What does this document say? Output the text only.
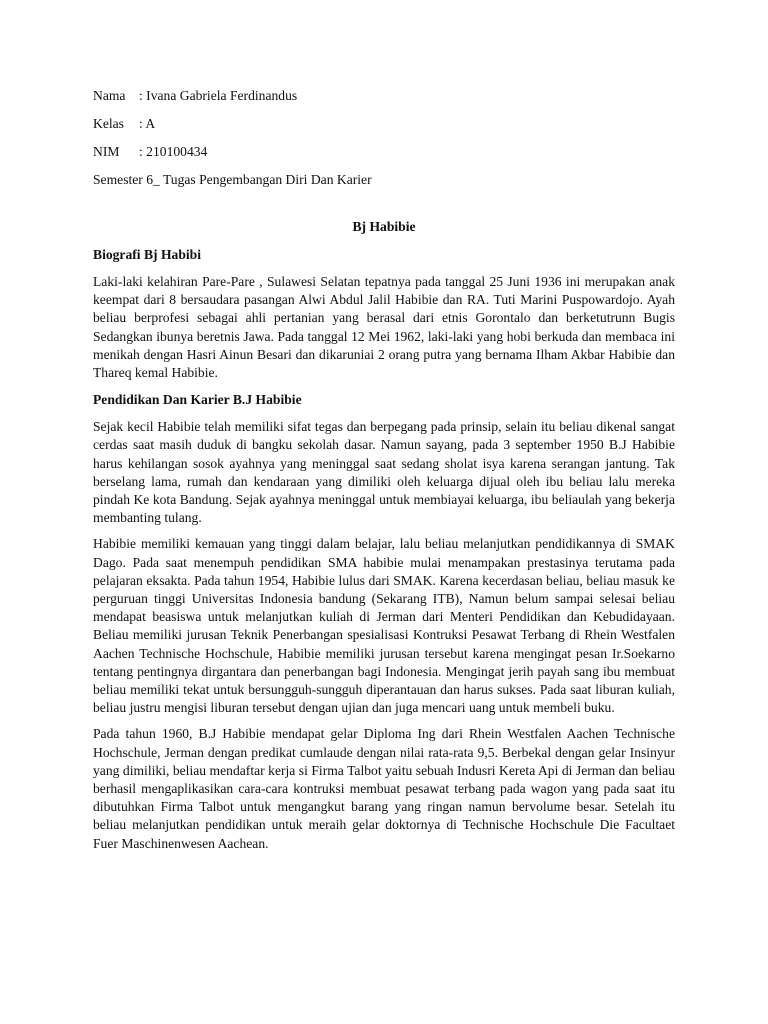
Nama : Ivana Gabriela Ferdinandus
Kelas : A
NIM : 210100434
Semester 6_ Tugas Pengembangan Diri Dan Karier
Bj Habibie
Biografi Bj Habibi

Laki-laki kelahiran Pare-Pare , Sulawesi Selatan tepatnya pada tanggal 25 Juni 1936 ini merupakan anak keempat dari 8 bersaudara pasangan Alwi Abdul Jalil Habibie dan RA. Tuti Marini Puspowardojo. Ayah beliau berprofesi sebagai ahli pertanian yang berasal dari etnis Gorontalo dan berketutrunn Bugis Sedangkan ibunya beretnis Jawa. Pada tanggal 12 Mei 1962, laki-laki yang hobi berkuda dan membaca ini menikah dengan Hasri Ainun Besari dan dikaruniai 2 orang putra yang bernama Ilham Akbar Habibie dan Thareq kemal Habibie.

Pendidikan Dan Karier B.J Habibie

Sejak kecil Habibie telah memiliki sifat tegas dan berpegang pada prinsip, selain itu beliau dikenal sangat cerdas saat masih duduk di bangku sekolah dasar. Namun sayang, pada 3 september 1950 B.J Habibie harus kehilangan sosok ayahnya yang meninggal saat sedang sholat isya karena serangan jantung. Tak berselang lama, rumah dan kendaraan yang dimiliki oleh keluarga dijual oleh ibu beliau lalu mereka pindah Ke kota Bandung. Sejak ayahnya meninggal untuk membiayai keluarga, ibu beliaulah yang bekerja membanting tulang.

Habibie memiliki kemauan yang tinggi dalam belajar, lalu beliau melanjutkan pendidikannya di SMAK Dago. Pada saat menempuh pendidikan SMA habibie mulai menampakan prestasinya terutama pada pelajaran eksakta. Pada tahun 1954, Habibie lulus dari SMAK. Karena kecerdasan beliau, beliau masuk ke perguruan tinggi Universitas Indonesia bandung (Sekarang ITB), Namun belum sampai selesai beliau mendapat beasiswa untuk melanjutkan kuliah di Jerman dari Menteri Pendidikan dan Kebudidayaan. Beliau memiliki jurusan Teknik Penerbangan spesialisasi Kontruksi Pesawat Terbang di Rhein Westfalen Aachen Technische Hochschule, Habibie memiliki jurusan tersebut karena mengingat pesan Ir.Soekarno tentang pentingnya dirgantara dan penerbangan bagi Indonesia. Mengingat jerih payah sang ibu membuat beliau memiliki tekat untuk bersungguh-sungguh diperantauan dan harus sukses. Pada saat liburan kuliah, beliau justru mengisi liburan tersebut dengan ujian dan juga mencari uang untuk membeli buku.

Pada tahun 1960, B.J Habibie mendapat gelar Diploma Ing dari Rhein Westfalen Aachen Technische Hochschule, Jerman dengan predikat cumlaude dengan nilai rata-rata 9,5. Berbekal dengan gelar Insinyur yang dimiliki, beliau mendaftar kerja si Firma Talbot yaitu sebuah Indusri Kereta Api di Jerman dan beliau berhasil mengaplikasikan cara-cara kontruksi membuat pesawat terbang pada wagon yang pada saat itu dibutuhkan Firma Talbot untuk mengangkut barang yang ringan namun bervolume besar. Setelah itu beliau melanjutkan pendidikan untuk meraih gelar doktornya di Technische Hochschule Die Facultaet Fuer Maschinenwesen Aachean.
